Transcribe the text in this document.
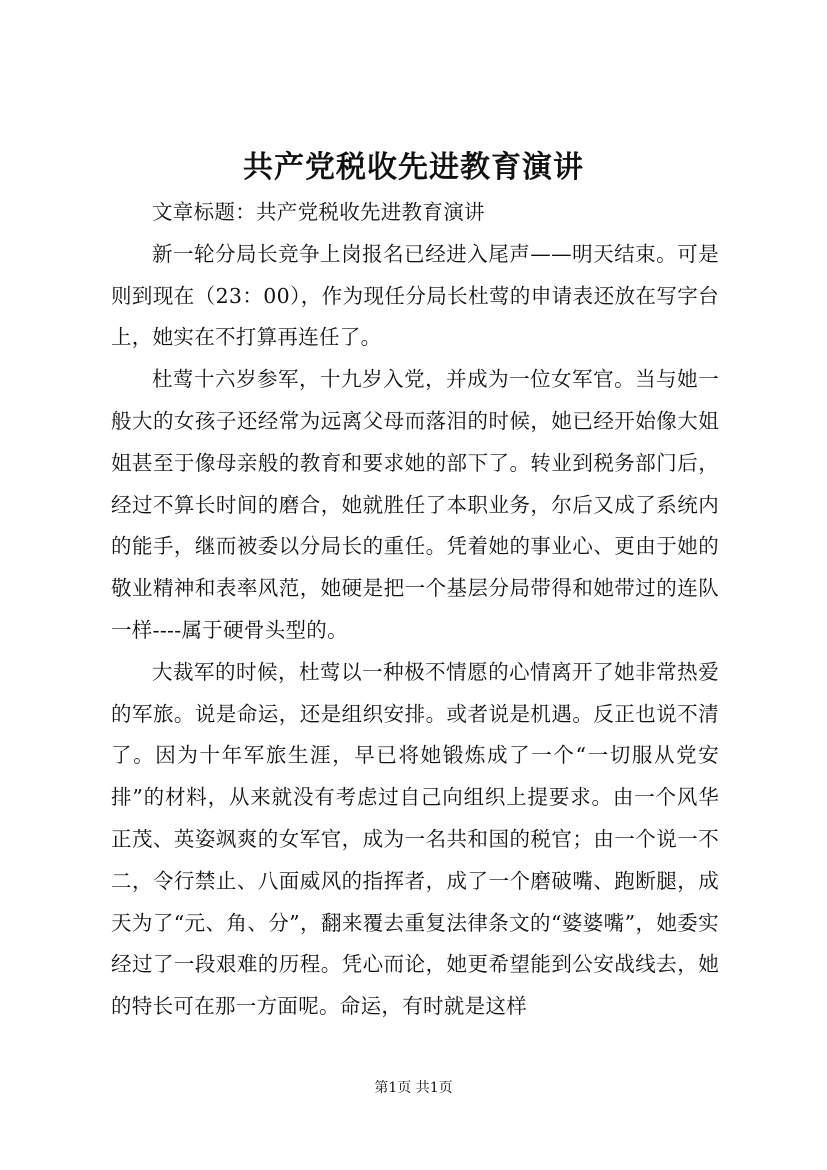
共产党税收先进教育演讲

文章标题：共产党税收先进教育演讲

新一轮分局长竞争上岗报名已经进入尾声——明天结束。可是则到现在（23：00），作为现任分局长杜莺的申请表还放在写字台上，她实在不打算再连任了。

杜莺十六岁参军，十九岁入党，并成为一位女军官。当与她一般大的女孩子还经常为远离父母而落泪的时候，她已经开始像大姐姐甚至于像母亲般的教育和要求她的部下了。转业到税务部门后，经过不算长时间的磨合，她就胜任了本职业务，尔后又成了系统内的能手，继而被委以分局长的重任。凭着她的事业心、更由于她的敬业精神和表率风范，她硬是把一个基层分局带得和她带过的连队一样----属于硬骨头型的。

大裁军的时候，杜莺以一种极不情愿的心情离开了她非常热爱的军旅。说是命运，还是组织安排。或者说是机遇。反正也说不清了。因为十年军旅生涯，早已将她锻炼成了一个“一切服从党安排”的材料，从来就没有考虑过自己向组织上提要求。由一个风华正茂、英姿飒爽的女军官，成为一名共和国的税官；由一个说一不二，令行禁止、八面威风的指挥者，成了一个磨破嘴、跑断腿，成天为了“元、角、分”，翻来覆去重复法律条文的“婆婆嘴”，她委实经过了一段艰难的历程。凭心而论，她更希望能到公安战线去，她的特长可在那一方面呢。命运，有时就是这样

第1页 共1页
